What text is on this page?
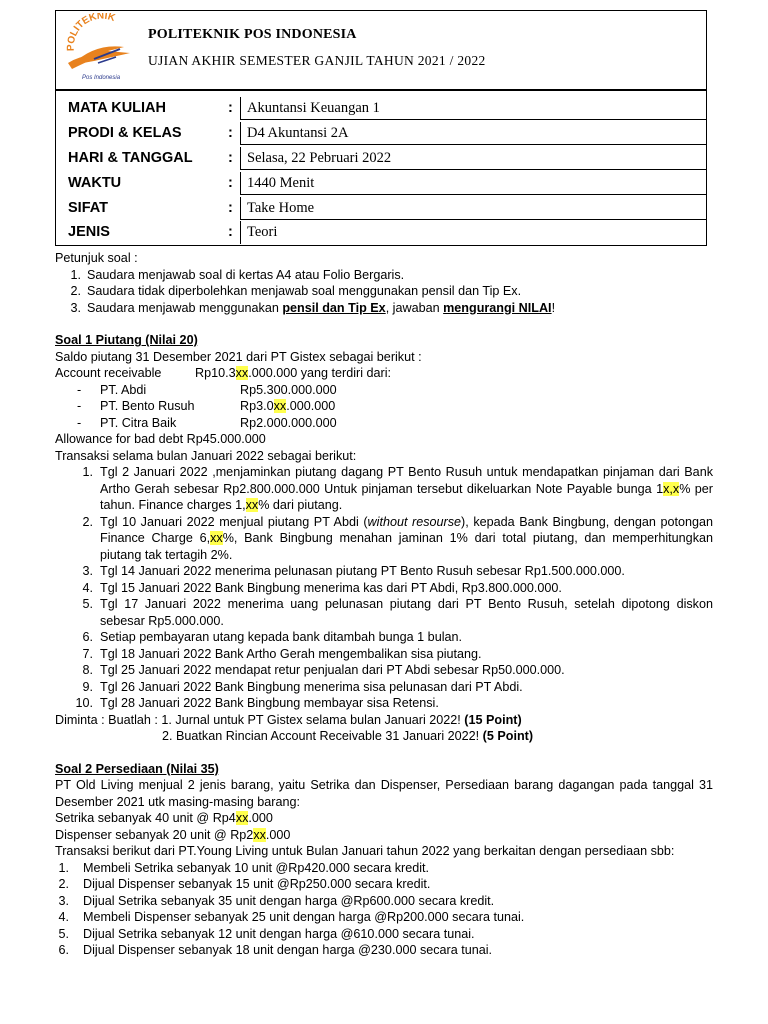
POLITEKNIK
Pos Indonesia
POLITEKNIK POS INDONESIA
UJIAN AKHIR SEMESTER GANJIL TAHUN 2021 / 2022
MATA KULIAH	: Akuntansi Keuangan 1
PRODI & KELAS	: D4 Akuntansi 2A
HARI & TANGGAL : Selasa, 22 Pebruari 2022
WAKTU	: 1440 Menit
SIFAT	: Take Home
JENIS	: Teori

Petunjuk soal :

1. Saudara menjawab soal di kertas A4 atau Folio Bergaris.
2. Saudara tidak diperbolehkan menjawab soal menggunakan pensil dan Tip Ex.
3. Saudara menjawab menggunakan pensil dan Tip Ex, jawaban mengurangi NILAI!

Soal 1 Piutang (Nilai 20)

Saldo piutang 31 Desember 2021 dari PT Gistex sebagai berikut :

Account receivable	Rp10.3xx.000.000 yang terdiri dari:
- PT. Abdi	Rp5.300.000.000
- PT. Bento Rusuh	Rp3.0xx.000.000
- PT. Citra Baik	Rp2.000.000.000

Allowance for bad debt Rp45.000.000

Transaksi selama bulan Januari 2022 sebagai berikut:

1. Tgl 2 Januari 2022 ,menjaminkan piutang dagang PT Bento Rusuh untuk mendapatkan pinjaman dari Bank Artho Gerah sebesar Rp2.800.000.000 Untuk pinjaman tersebut dikeluarkan Note Payable bunga 1x,x% per tahun. Finance charges 1,xx% dari piutang.
2. Tgl 10 Januari 2022 menjual piutang PT Abdi (without resourse), kepada Bank Bingbung, dengan potongan Finance Charge 6,xx%, Bank Bingbung menahan jaminan 1% dari total piutang, dan memperhitungkan piutang tak tertagih 2%.
3. Tgl 14 Januari 2022 menerima pelunasan piutang PT Bento Rusuh sebesar Rp1.500.000.000.
4. Tgl 15 Januari 2022 Bank Bingbung menerima kas dari PT Abdi, Rp3.800.000.000.
5. Tgl 17 Januari 2022 menerima uang pelunasan piutang dari PT Bento Rusuh, setelah dipotong diskon sebesar Rp5.000.000.
6. Setiap pembayaran utang kepada bank ditambah bunga 1 bulan.
7. Tgl 18 Januari 2022 Bank Artho Gerah mengembalikan sisa piutang.
8. Tgl 25 Januari 2022 mendapat retur penjualan dari PT Abdi sebesar Rp50.000.000.
9. Tgl 26 Januari 2022 Bank Bingbung menerima sisa pelunasan dari PT Abdi.
10. Tgl 28 Januari 2022 Bank Bingbung membayar sisa Retensi.

Diminta : Buatlah : 1. Jurnal untuk PT Gistex selama bulan Januari 2022! (15 Point)

2. Buatkan Rincian Account Receivable 31 Januari 2022! (5 Point)

Soal 2 Persediaan (Nilai 35)

PT Old Living menjual 2 jenis barang, yaitu Setrika dan Dispenser, Persediaan barang dagangan pada tanggal 31 Desember 2021 utk masing-masing barang:

Setrika sebanyak 40 unit @ Rp4xx.000

Dispenser sebanyak 20 unit @ Rp2xx.000

Transaksi berikut dari PT.Young Living untuk Bulan Januari tahun 2022 yang berkaitan dengan persediaan sbb:

1. Membeli Setrika sebanyak 10 unit @Rp420.000 secara kredit.
2. Dijual Dispenser sebanyak 15 unit @Rp250.000 secara kredit.
3. Dijual Setrika sebanyak 35 unit dengan harga @Rp600.000 secara kredit.
4. Membeli Dispenser sebanyak 25 unit dengan harga @Rp200.000 secara tunai.
5. Dijual Setrika sebanyak 12 unit dengan harga @610.000 secara tunai.
6. Dijual Dispenser sebanyak 18 unit dengan harga @230.000 secara tunai.
